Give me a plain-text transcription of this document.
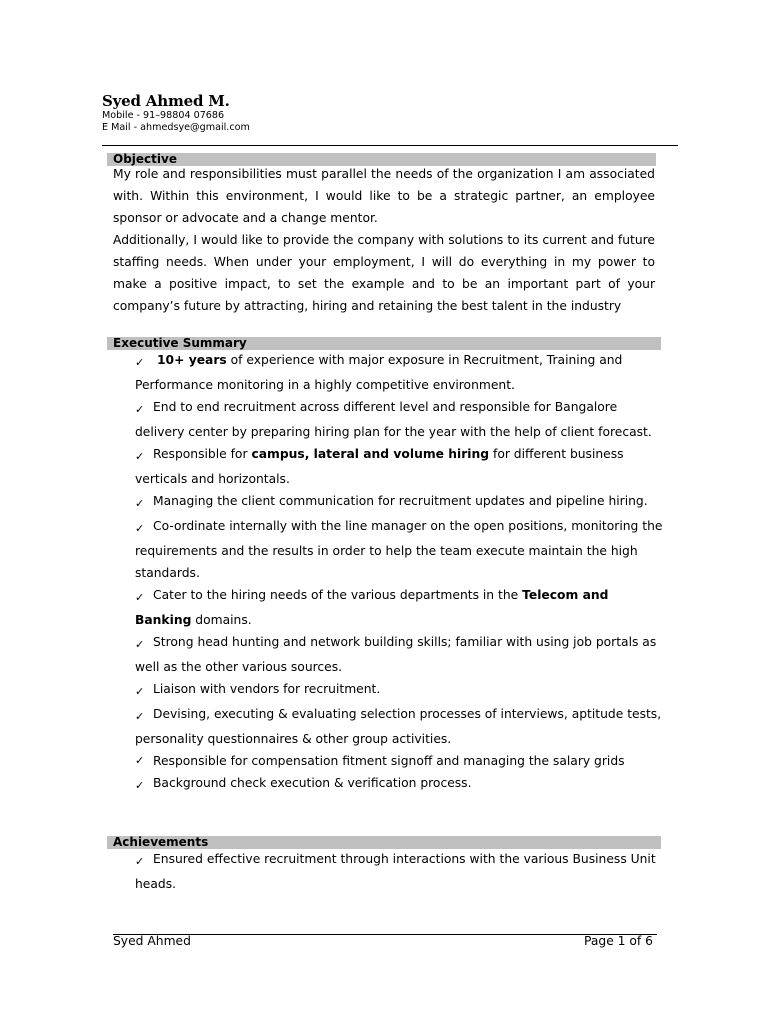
Syed Ahmed M.
Mobile - 91–98804 07686
E Mail - ahmedsye@gmail.com
Objective

My role and responsibilities must parallel the needs of the organization I am associated with. Within this environment, I would like to be a strategic partner, an employee sponsor or advocate and a change mentor.

Additionally, I would like to provide the company with solutions to its current and future staffing needs. When under your employment, I will do everything in my power to make a positive impact, to set the example and to be an important part of your company’s future by attracting, hiring and retaining the best talent in the industry

Executive Summary
✓ 10+ years of experience with major exposure in Recruitment, Training and Performance monitoring in a highly competitive environment.
✓ End to end recruitment across different level and responsible for Bangalore delivery center by preparing hiring plan for the year with the help of client forecast.
✓ Responsible for campus, lateral and volume hiring for different business verticals and horizontals.
✓ Managing the client communication for recruitment updates and pipeline hiring.
✓ Co-ordinate internally with the line manager on the open positions, monitoring the requirements and the results in order to help the team execute maintain the high standards.
✓ Cater to the hiring needs of the various departments in the Telecom and Banking domains.
✓ Strong head hunting and network building skills; familiar with using job portals as well as the other various sources.
✓ Liaison with vendors for recruitment.
✓ Devising, executing & evaluating selection processes of interviews, aptitude tests, personality questionnaires & other group activities.
✓ Responsible for compensation fitment signoff and managing the salary grids
✓ Background check execution & verification process.
Achievements
✓ Ensured effective recruitment through interactions with the various Business Unit heads.
Syed Ahmed	Page 1 of 6
